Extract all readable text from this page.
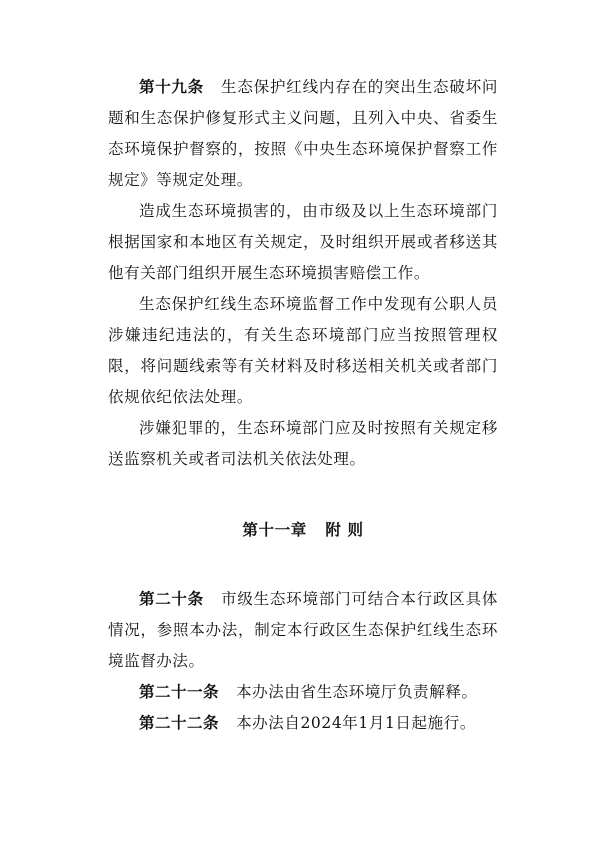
第十九条 生态保护红线内存在的突出生态破坏问题和生态保护修复形式主义问题，且列入中央、省委生态环境保护督察的，按照《中央生态环境保护督察工作规定》等规定处理。

造成生态环境损害的，由市级及以上生态环境部门根据国家和本地区有关规定，及时组织开展或者移送其他有关部门组织开展生态环境损害赔偿工作。

生态保护红线生态环境监督工作中发现有公职人员涉嫌违纪违法的，有关生态环境部门应当按照管理权限，将问题线索等有关材料及时移送相关机关或者部门依规依纪依法处理。

涉嫌犯罪的，生态环境部门应及时按照有关规定移送监察机关或者司法机关依法处理。

第十一章 附 则

第二十条 市级生态环境部门可结合本行政区具体情况，参照本办法，制定本行政区生态保护红线生态环境监督办法。

第二十一条 本办法由省生态环境厅负责解释。

第二十二条 本办法自2024年1月1日起施行。
